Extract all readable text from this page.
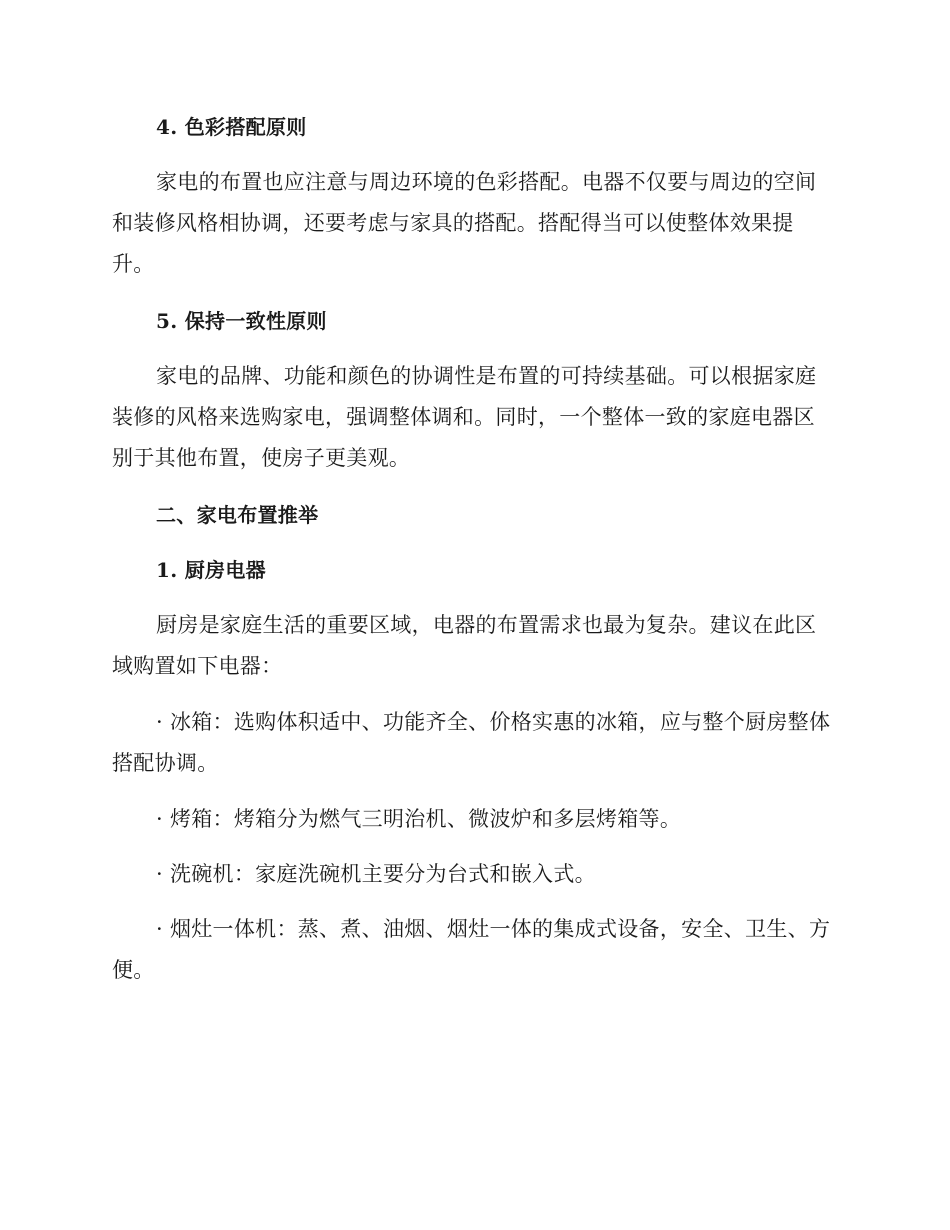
4. 色彩搭配原则

家电的布置也应注意与周边环境的色彩搭配。电器不仅要与周边的空间和装修风格相协调，还要考虑与家具的搭配。搭配得当可以使整体效果提升。

5. 保持一致性原则

家电的品牌、功能和颜色的协调性是布置的可持续基础。可以根据家庭装修的风格来选购家电，强调整体调和。同时，一个整体一致的家庭电器区别于其他布置，使房子更美观。

二、家电布置推举

1. 厨房电器

厨房是家庭生活的重要区域，电器的布置需求也最为复杂。建议在此区域购置如下电器：

· 冰箱：选购体积适中、功能齐全、价格实惠的冰箱，应与整个厨房整体搭配协调。

· 烤箱：烤箱分为燃气三明治机、微波炉和多层烤箱等。

· 洗碗机：家庭洗碗机主要分为台式和嵌入式。

· 烟灶一体机：蒸、煮、油烟、烟灶一体的集成式设备，安全、卫生、方便。
